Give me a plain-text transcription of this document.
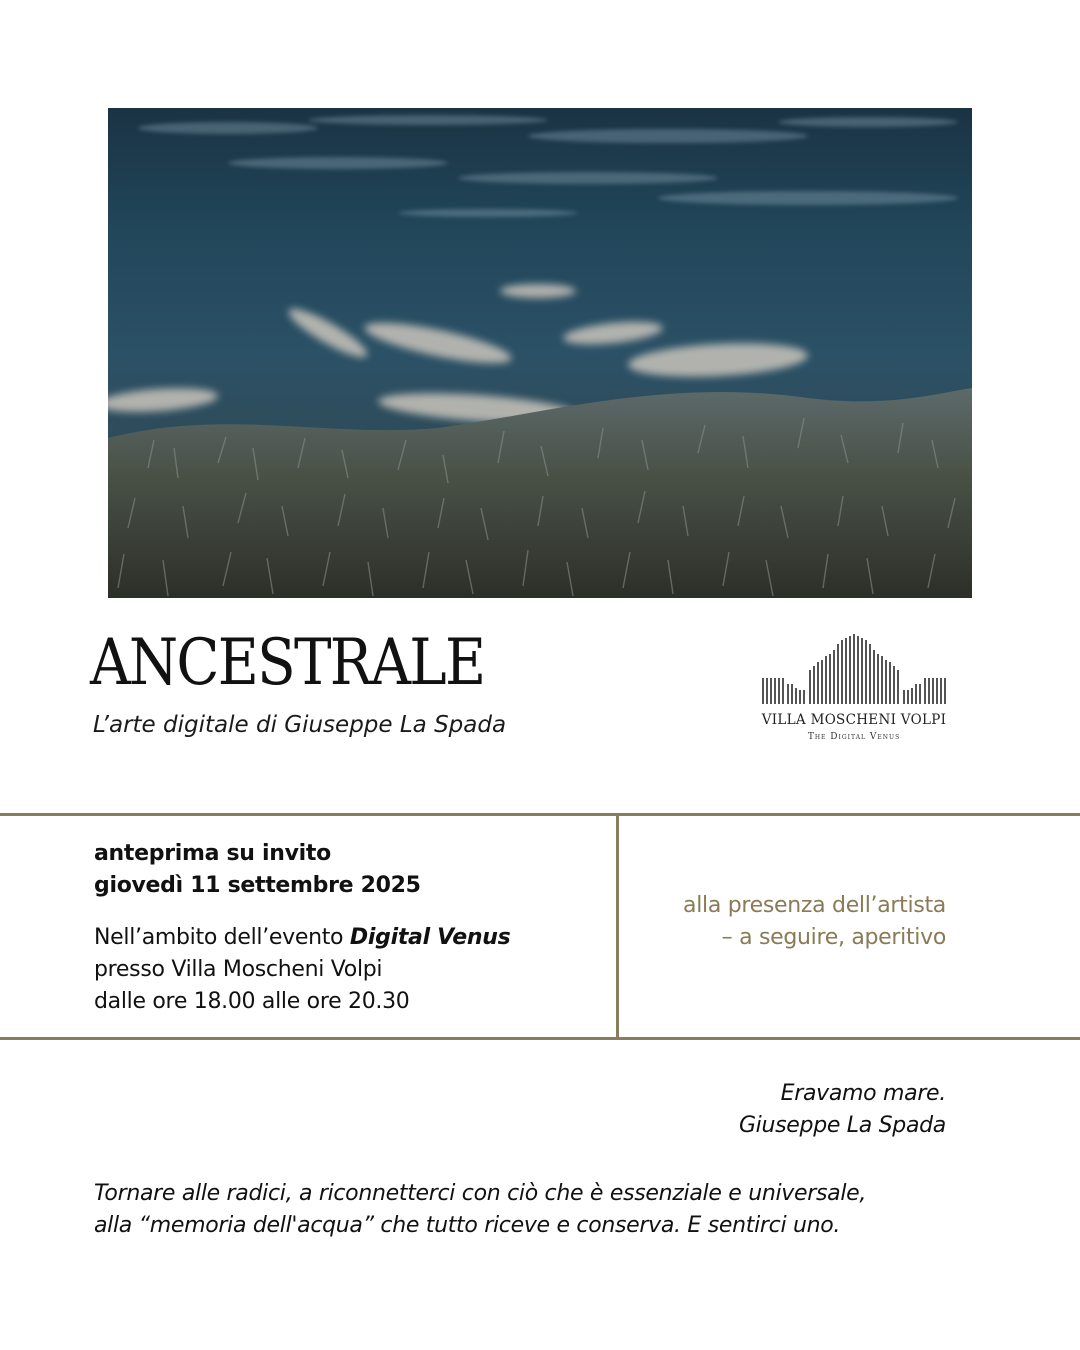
ANCESTRALE
L’arte digitale di Giuseppe La Spada	VILLA MOSCHENI VOLPI
The Digital Venus
anteprima su invito
giovedì 11 settembre 2025
Nell’ambito dell’evento Digital Venus
presso Villa Moscheni Volpi
dalle ore 18.00 alle ore 20.30
alla presenza dell’artista
– a seguire, aperitivo
Eravamo mare.
Giuseppe La Spada
Tornare alle radici, a riconnetterci con ciò che è essenziale e universale,
alla “memoria dell'acqua” che tutto riceve e conserva. E sentirci uno.
